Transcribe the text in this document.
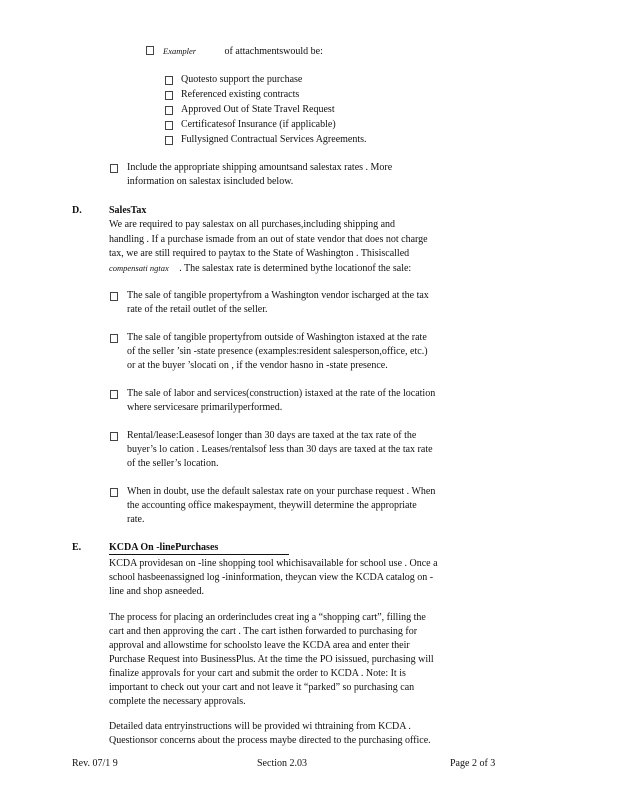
Exampler	of attachmentswould be:
Quotesto support the purchase
Referenced existing contracts
Approved Out of State Travel Request
Certificatesof Insurance (if applicable)
Fullysigned Contractual Services Agreements.
Include the appropriate shipping amountsand salestax rates . More
information on salestax isincluded below.
D.	SalesTax
We are required to pay salestax on all purchases,including shipping and
handling . If a purchase ismade from an out of state vendor that does not charge
tax, we are still required to paytax to the State of Washington . Thisiscalled
compensati ngtax . The salestax rate is determined bythe locationof the sale:
The sale of tangible propertyfrom a Washington vendor ischarged at the tax
rate of the retail outlet of the seller.
The sale of tangible propertyfrom outside of Washington istaxed at the rate
of the seller ’sin -state presence (examples:resident salesperson,office, etc.)
or at the buyer ’slocati on , if the vendor hasno in -state presence.
The sale of labor and services(construction) istaxed at the rate of the location
where servicesare primarilyperformed.
Rental/lease:Leasesof longer than 30 days are taxed at the tax rate of the
buyer’s lo cation . Leases/rentalsof less than 30 days are taxed at the tax rate
of the seller’s location.
When in doubt, use the default salestax rate on your purchase request . When
the accounting office makespayment, theywill determine the appropriate
rate.
E.	KCDA On -linePurchases
KCDA providesan on -line shopping tool whichisavailable for school use . Once a
school hasbeenassigned log -ininformation, theycan view the KCDA catalog on -
line and shop asneeded.
The process for placing an orderincludes creat ing a “shopping cart”, filling the
cart and then approving the cart . The cart isthen forwarded to purchasing for
approval and allowstime for schoolsto leave the KCDA area and enter their
Purchase Request into BusinessPlus. At the time the PO isissued, purchasing will
finalize approvals for your cart and submit the order to KCDA . Note: It is
important to check out your cart and not leave it “parked” so purchasing can
complete the necessary approvals.
Detailed data entryinstructions will be provided wi thtraining from KCDA .
Questionsor concerns about the process maybe directed to the purchasing office.
Rev. 07/1 9	Section 2.03	Page 2 of 3
